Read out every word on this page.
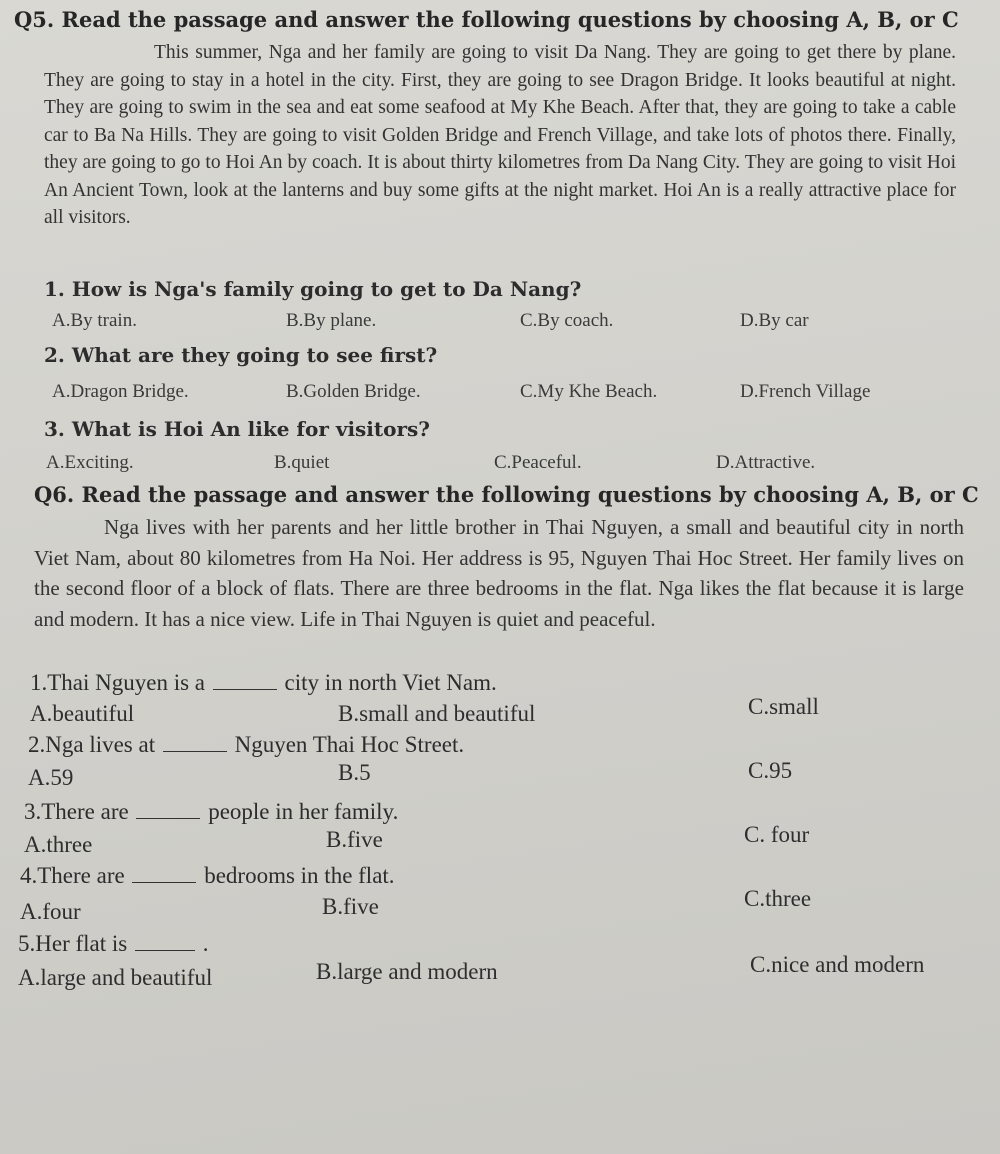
Q5. Read the passage and answer the following questions by choosing A, B, or C
This summer, Nga and her family are going to visit Da Nang. They are going to get there by plane. They are going to stay in a hotel in the city. First, they are going to see Dragon Bridge. It looks beautiful at night. They are going to swim in the sea and eat some seafood at My Khe Beach. After that, they are going to take a cable car to Ba Na Hills. They are going to visit Golden Bridge and French Village, and take lots of photos there. Finally, they are going to go to Hoi An by coach. It is about thirty kilometres from Da Nang City. They are going to visit Hoi An Ancient Town, look at the lanterns and buy some gifts at the night market. Hoi An is a really attractive place for all visitors.
1. How is Nga's family going to get to Da Nang?
A.By train.	B.By plane.	C.By coach.	D.By car
2. What are they going to see first?
A.Dragon Bridge.	B.Golden Bridge.	C.My Khe Beach.	D.French Village
3. What is Hoi An like for visitors?
A.Exciting.	B.quiet	C.Peaceful.	D.Attractive.
Q6. Read the passage and answer the following questions by choosing A, B, or C
Nga lives with her parents and her little brother in Thai Nguyen, a small and beautiful city in north Viet Nam, about 80 kilometres from Ha Noi. Her address is 95, Nguyen Thai Hoc Street. Her family lives on the second floor of a block of flats. There are three bedrooms in the flat. Nga likes the flat because it is large and modern. It has a nice view. Life in Thai Nguyen is quiet and peaceful.
1.Thai Nguyen is a	city in north Viet Nam.
A.beautiful	B.small and beautiful	C.small
2.Nga lives at	Nguyen Thai Hoc Street.
A.59	B.5	C.95
3.There are	people in her family.
A.three	B.five	C. four
4.There are	bedrooms in the flat.
A.four	B.five	C.three
5.Her flat is	.
A.large and beautiful	B.large and modern	C.nice and modern
